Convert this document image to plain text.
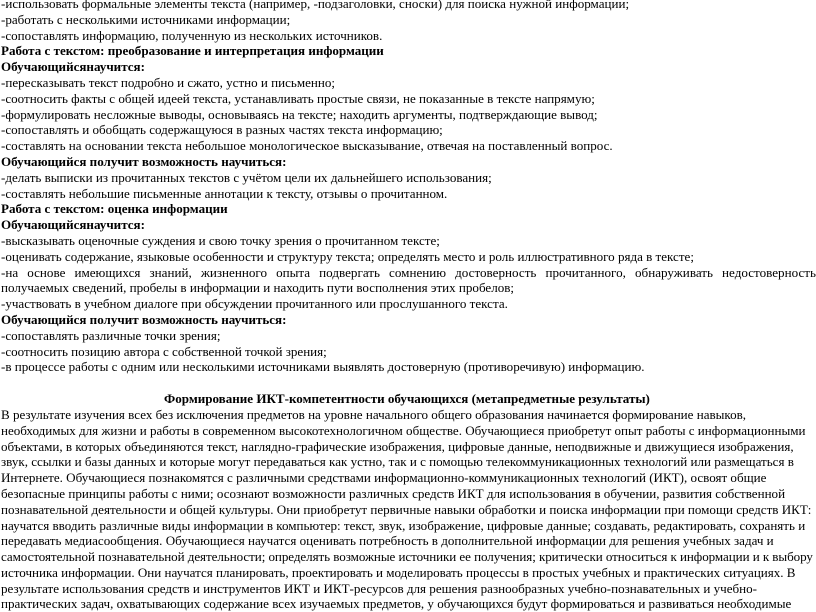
-использовать формальные элементы текста (например, -подзаголовки, сноски) для поиска нужной информации;
-работать с несколькими источниками информации;
-сопоставлять информацию, полученную из нескольких источников.
Работа с текстом: преобразование и интерпретация информации
Обучающийсянаучится:
-пересказывать текст подробно и сжато, устно и письменно;
-соотносить факты с общей идеей текста, устанавливать простые связи, не показанные в тексте напрямую;
-формулировать несложные выводы, основываясь на тексте; находить аргументы, подтверждающие вывод;
-сопоставлять и обобщать содержащуюся в разных частях текста информацию;
-составлять на основании текста небольшое монологическое высказывание, отвечая на поставленный вопрос.
Обучающийся получит возможность научиться:
-делать выписки из прочитанных текстов с учётом цели их дальнейшего использования;
-составлять небольшие письменные аннотации к тексту, отзывы о прочитанном.
Работа с текстом: оценка информации
Обучающийсянаучится:
-высказывать оценочные суждения и свою точку зрения о прочитанном тексте;
-оценивать содержание, языковые особенности и структуру текста; определять место и роль иллюстративного ряда в тексте;
-на основе имеющихся знаний, жизненного опыта подвергать сомнению достоверность прочитанного, обнаруживать недостоверность
получаемых сведений, пробелы в информации и находить пути восполнения этих пробелов;
-участвовать в учебном диалоге при обсуждении прочитанного или прослушанного текста.
Обучающийся получит возможность научиться:
-сопоставлять различные точки зрения;
-соотносить позицию автора с собственной точкой зрения;
-в процессе работы с одним или несколькими источниками выявлять достоверную (противоречивую) информацию.
Формирование ИКТ-компетентности обучающихся (метапредметные результаты)
В результате изучения всех без исключения предметов на уровне начального общего образования начинается формирование навыков,
необходимых для жизни и работы в современном высокотехнологичном обществе. Обучающиеся приобретут опыт работы с информационными
объектами, в которых объединяются текст, наглядно-графические изображения, цифровые данные, неподвижные и движущиеся изображения,
звук, ссылки и базы данных и которые могут передаваться как устно, так и с помощью телекоммуникационных технологий или размещаться в
Интернете. Обучающиеся познакомятся с различными средствами информационно-коммуникационных технологий (ИКТ), освоят общие
безопасные принципы работы с ними; осознают возможности различных средств ИКТ для использования в обучении, развития собственной
познавательной деятельности и общей культуры. Они приобретут первичные навыки обработки и поиска информации при помощи средств ИКТ:
научатся вводить различные виды информации в компьютер: текст, звук, изображение, цифровые данные; создавать, редактировать, сохранять и
передавать медиасообщения. Обучающиеся научатся оценивать потребность в дополнительной информации для решения учебных задач и
самостоятельной познавательной деятельности; определять возможные источники ее получения; критически относиться к информации и к выбору
источника информации. Они научатся планировать, проектировать и моделировать процессы в простых учебных и практических ситуациях. В
результате использования средств и инструментов ИКТ и ИКТ-ресурсов для решения разнообразных учебно-познавательных и учебно-
практических задач, охватывающих содержание всех изучаемых предметов, у обучающихся будут формироваться и развиваться необходимые
